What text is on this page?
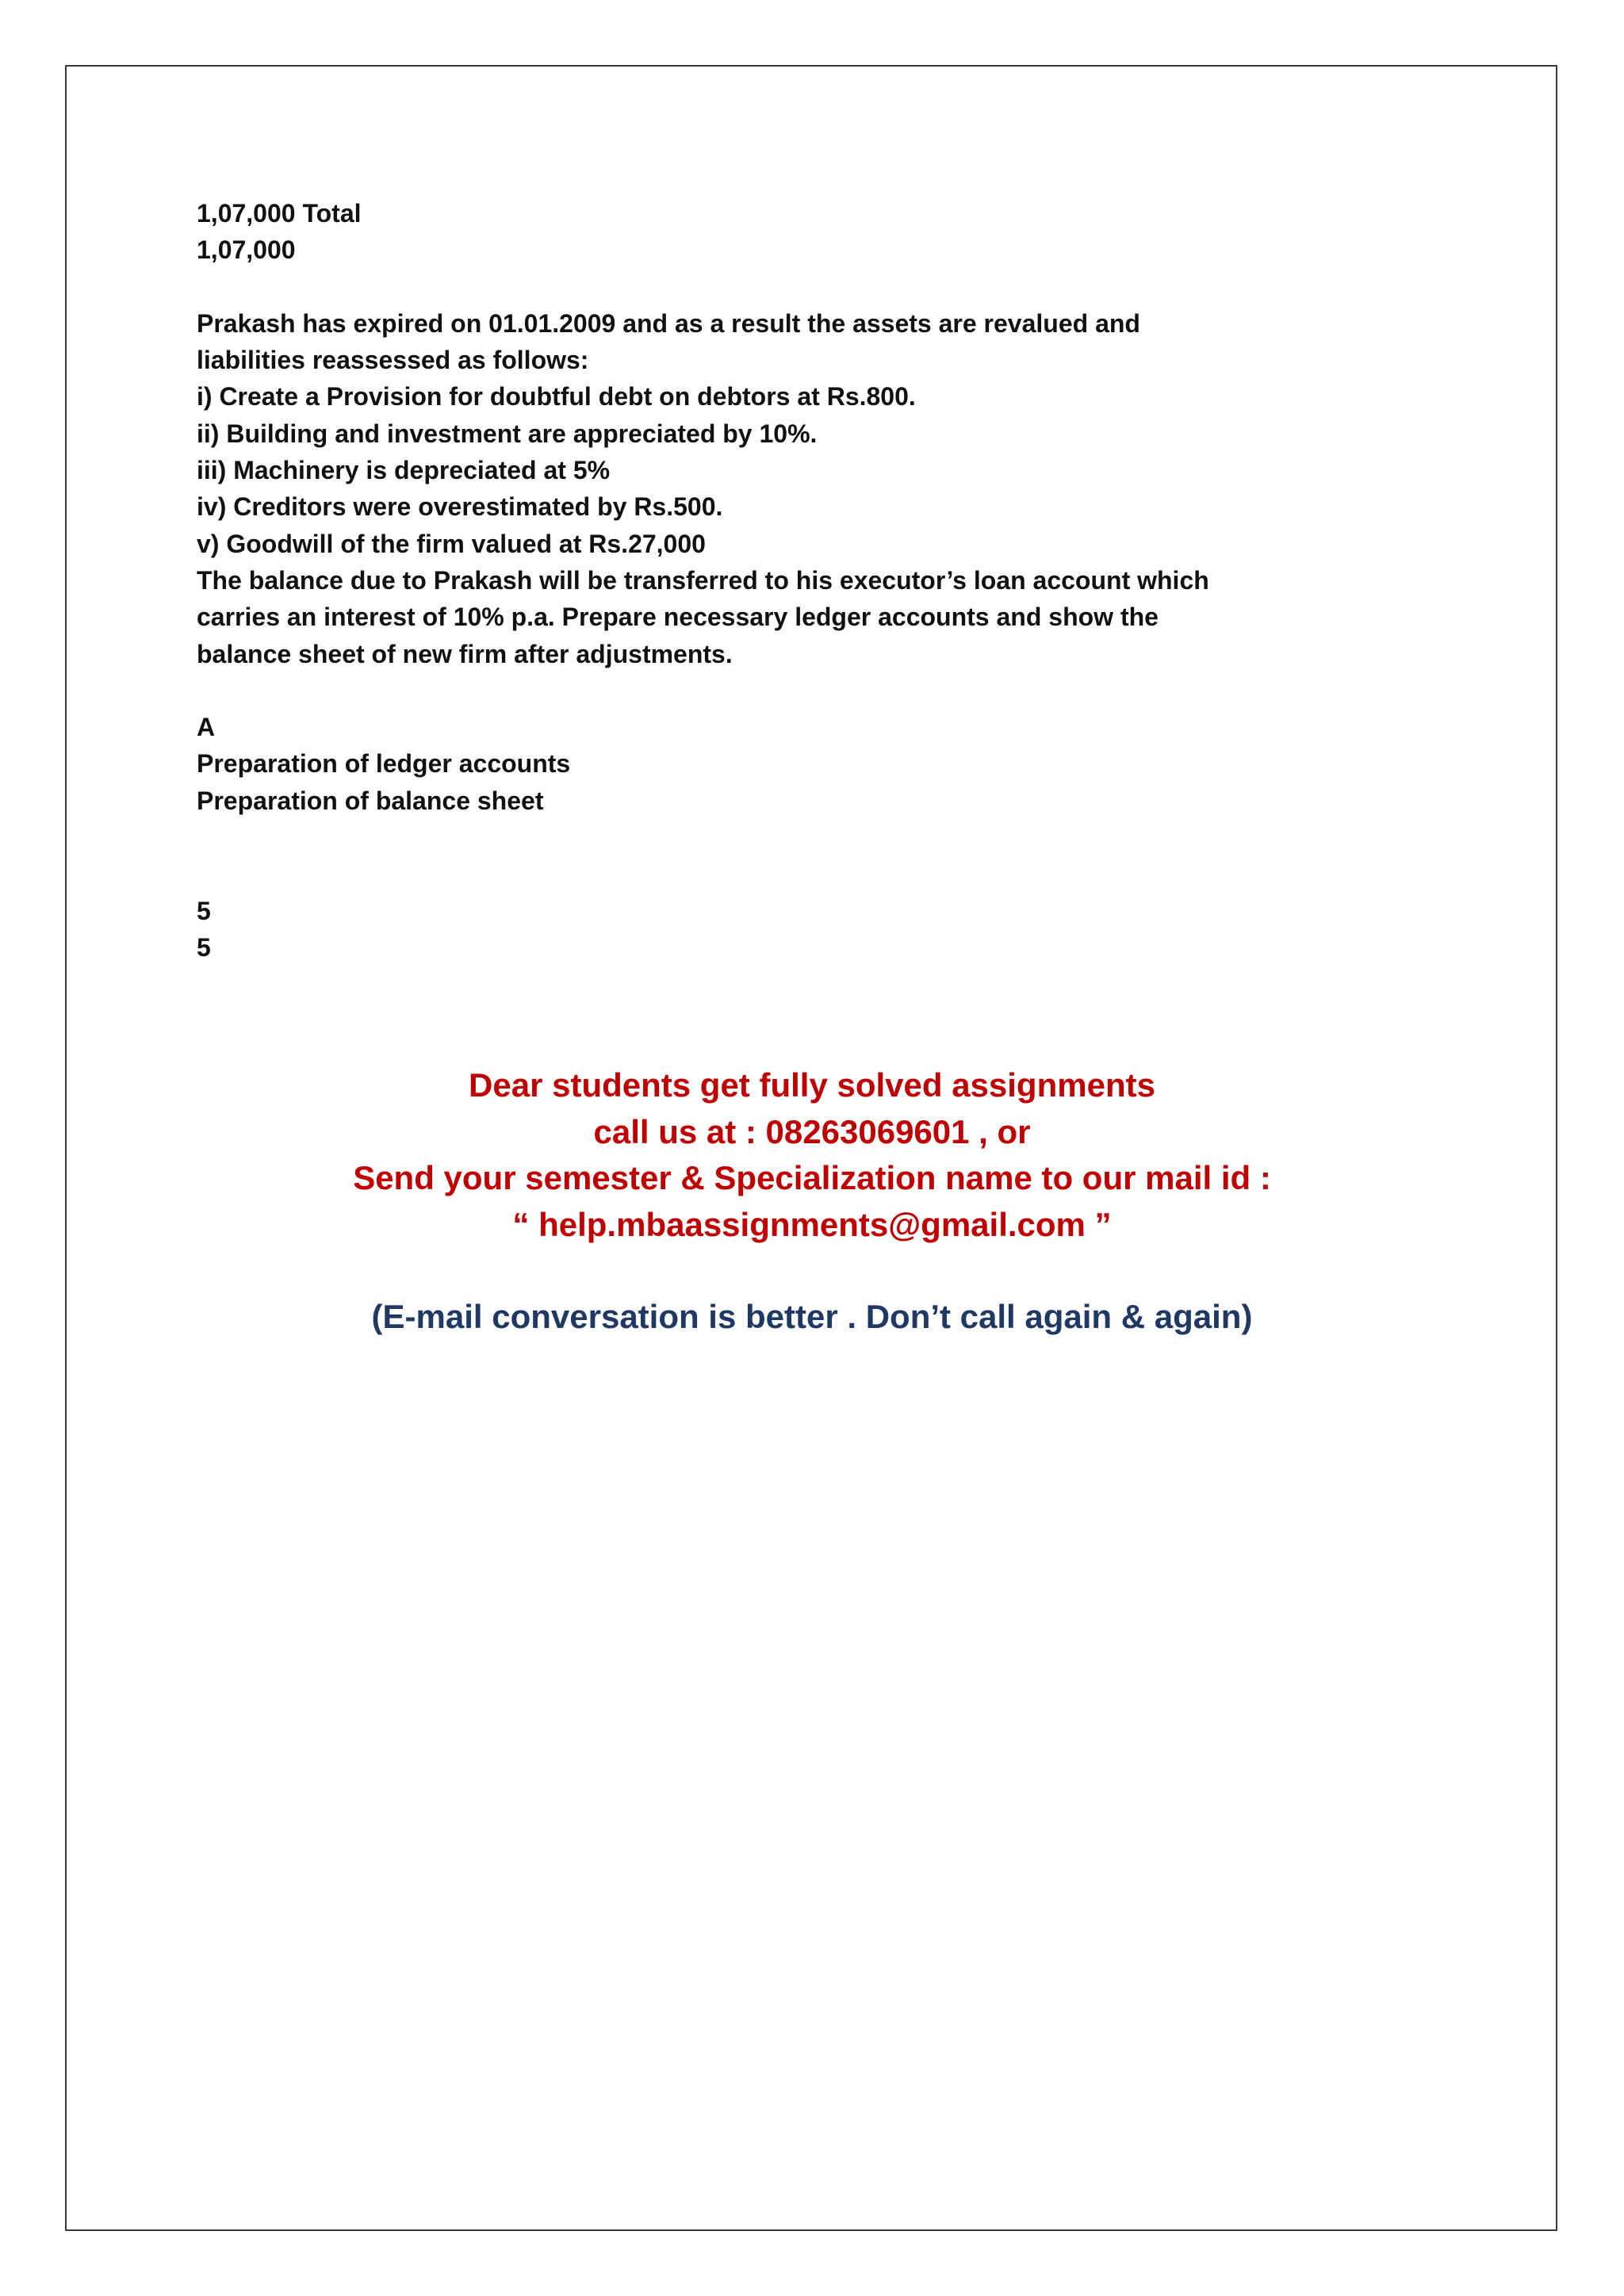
1,07,000 Total
1,07,000
Prakash has expired on 01.01.2009 and as a result the assets are revalued and
liabilities reassessed as follows:
i) Create a Provision for doubtful debt on debtors at Rs.800.
ii) Building and investment are appreciated by 10%.
iii) Machinery is depreciated at 5%
iv) Creditors were overestimated by Rs.500.
v) Goodwill of the firm valued at Rs.27,000
The balance due to Prakash will be transferred to his executor’s loan account which
carries an interest of 10% p.a. Prepare necessary ledger accounts and show the
balance sheet of new firm after adjustments.
A
Preparation of ledger accounts
Preparation of balance sheet
5
5
Dear students get fully solved assignments
call us at : 08263069601 , or
Send your semester & Specialization name to our mail id :
“ help.mbaassignments@gmail.com ”
(E-mail conversation is better . Don’t call again & again)
